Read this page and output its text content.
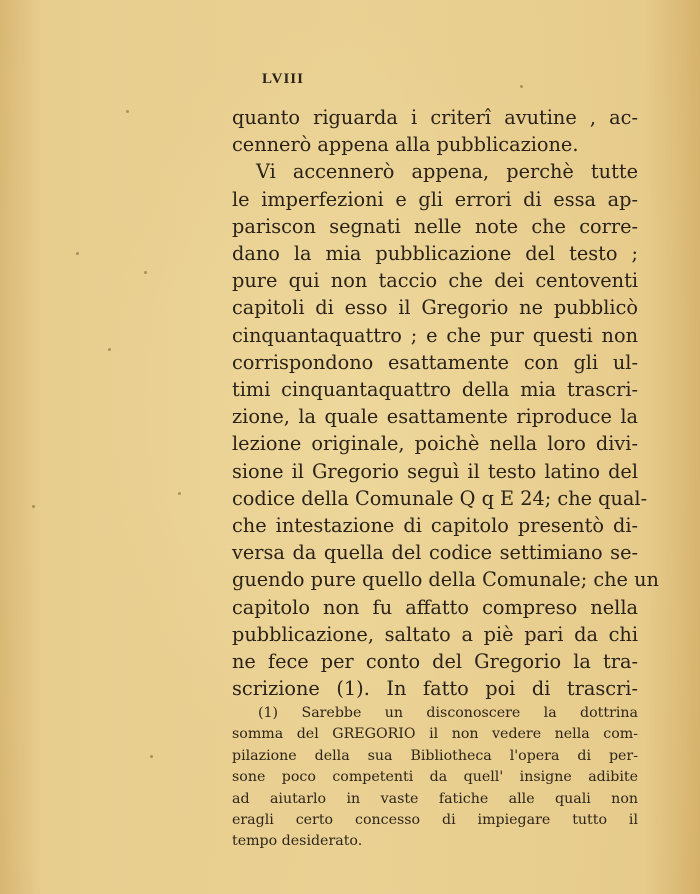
LVIII
quanto riguarda i criterî avutine , ac-
cennerò appena alla pubblicazione.
Vi accennerò appena, perchè tutte
le imperfezioni e gli errori di essa ap-
pariscon segnati nelle note che corre-
dano la mia pubblicazione del testo ;
pure qui non taccio che dei centoventi
capitoli di esso il Gregorio ne pubblicò
cinquantaquattro ; e che pur questi non
corrispondono esattamente con gli ul-
timi cinquantaquattro della mia trascri-
zione, la quale esattamente riproduce la
lezione originale, poichè nella loro divi-
sione il Gregorio seguì il testo latino del
codice della Comunale Q q E 24; che qual-
che intestazione di capitolo presentò di-
versa da quella del codice settimiano se-
guendo pure quello della Comunale; che un
capitolo non fu affatto compreso nella
pubblicazione, saltato a piè pari da chi
ne fece per conto del Gregorio la tra-
scrizione (1). In fatto poi di trascri-
(1) Sarebbe un disconoscere la dottrina
somma del GREGORIO il non vedere nella com-
pilazione della sua Bibliotheca l'opera di per-
sone poco competenti da quell' insigne adibite
ad aiutarlo in vaste fatiche alle quali non
eragli certo concesso di impiegare tutto il
tempo desiderato.
